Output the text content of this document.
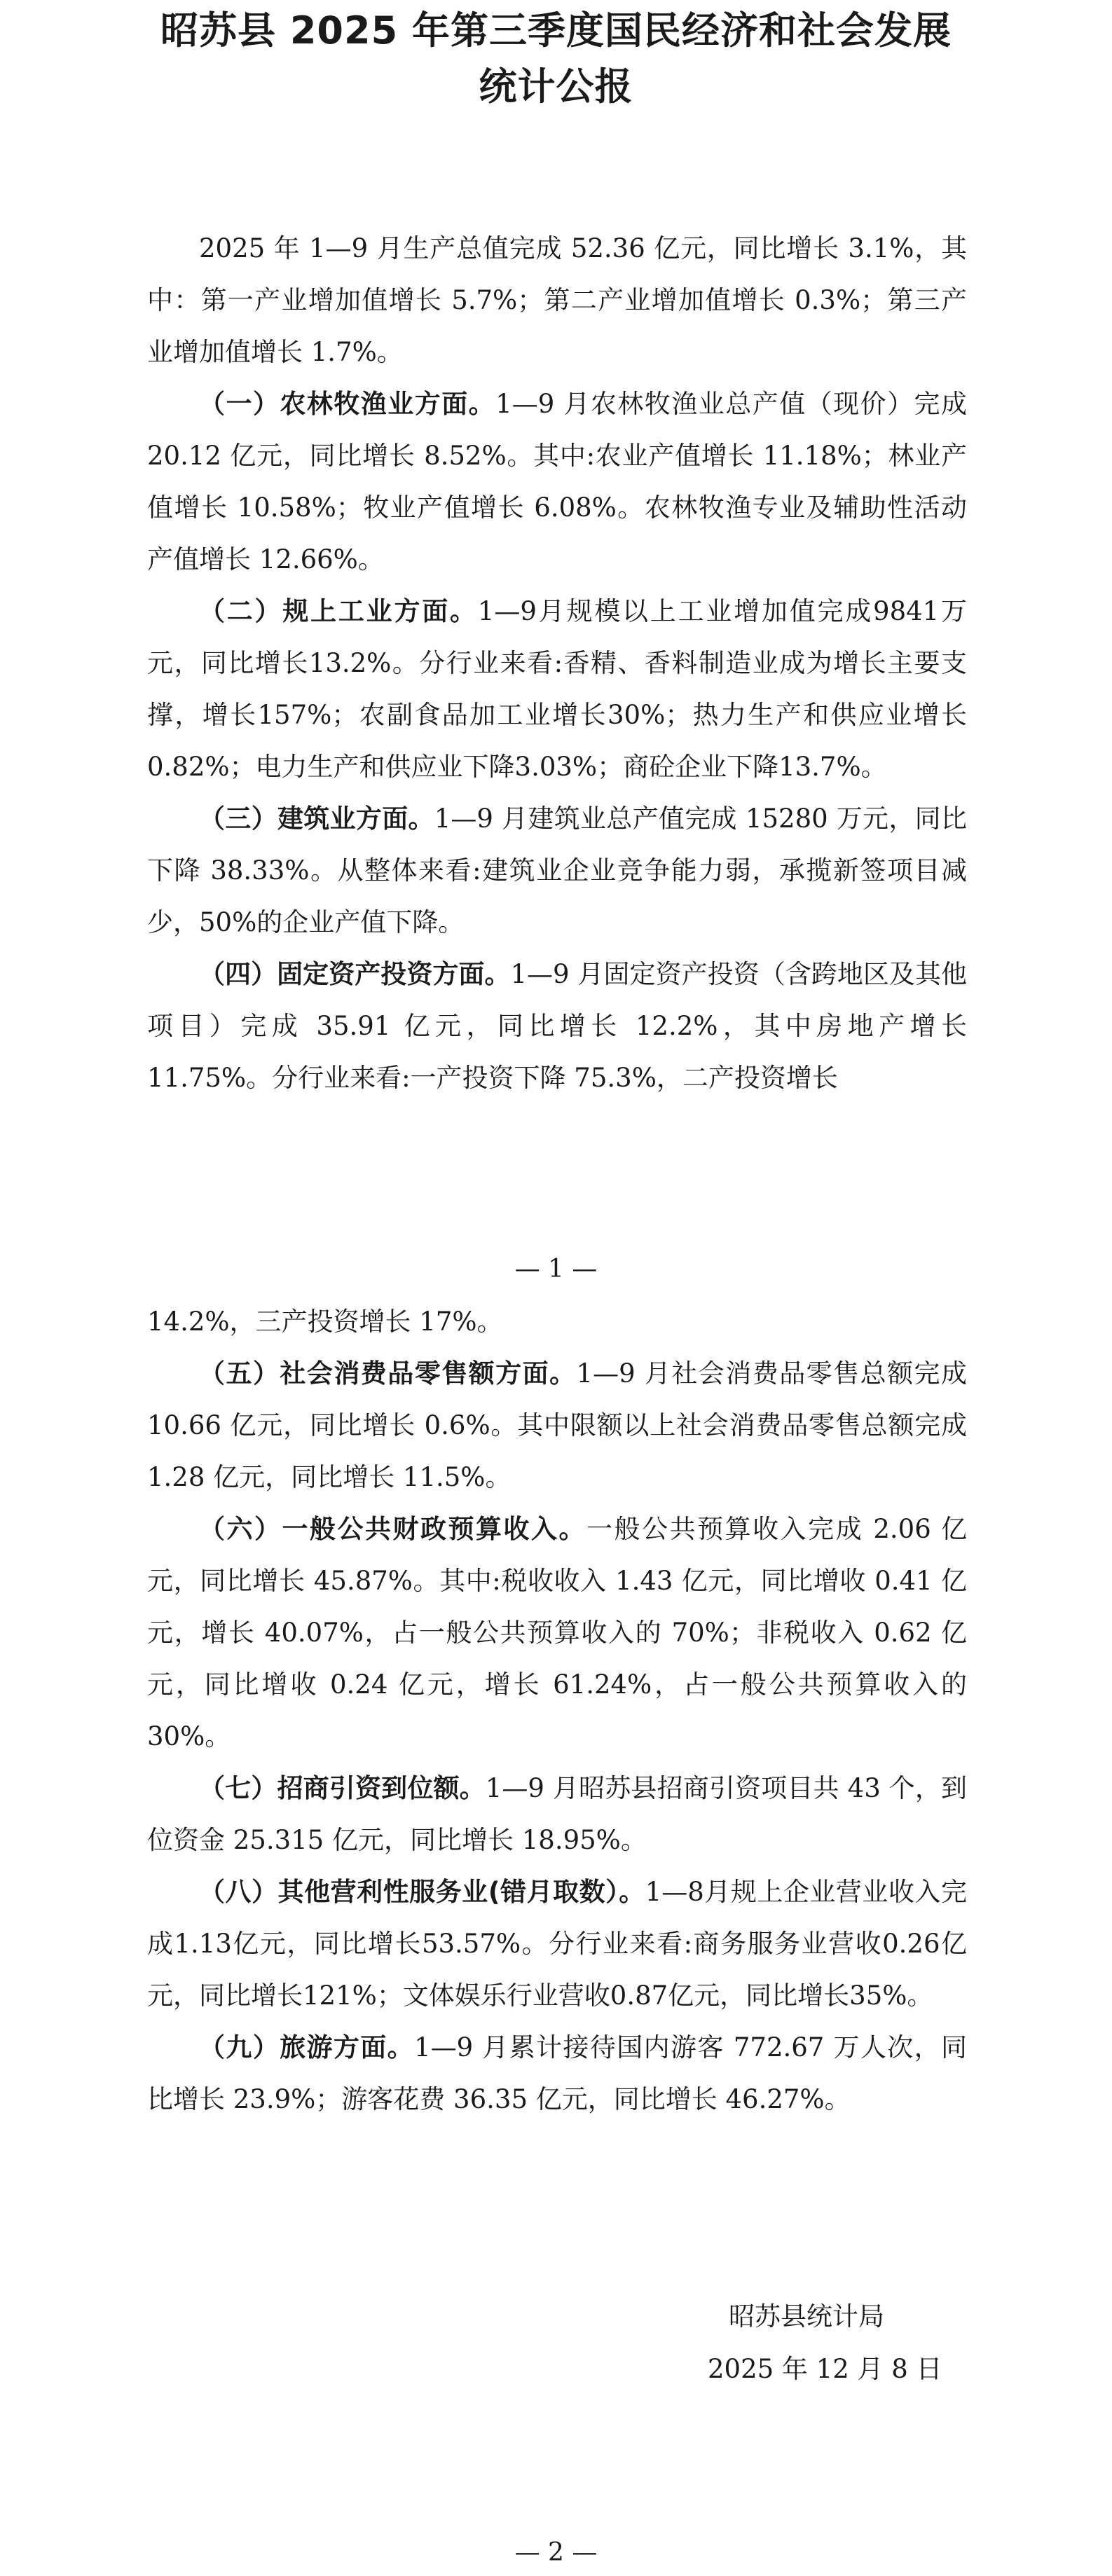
昭苏县 2025 年第三季度国民经济和社会发展
统计公报

2025 年 1—9 月生产总值完成 52.36 亿元，同比增长 3.1%，其中：第一产业增加值增长 5.7%；第二产业增加值增长 0.3%；第三产业增加值增长 1.7%。

（一）农林牧渔业方面。1—9 月农林牧渔业总产值（现价）完成 20.12 亿元，同比增长 8.52%。其中:农业产值增长 11.18%；林业产值增长 10.58%；牧业产值增长 6.08%。农林牧渔专业及辅助性活动产值增长 12.66%。

（二）规上工业方面。1—9月规模以上工业增加值完成9841万元，同比增长13.2%。分行业来看:香精、香料制造业成为增长主要支撑，增长157%；农副食品加工业增长30%；热力生产和供应业增长0.82%；电力生产和供应业下降3.03%；商砼企业下降13.7%。

（三）建筑业方面。1—9 月建筑业总产值完成 15280 万元，同比下降 38.33%。从整体来看:建筑业企业竞争能力弱，承揽新签项目减少，50%的企业产值下降。

（四）固定资产投资方面。1—9 月固定资产投资（含跨地区及其他项目）完成 35.91 亿元，同比增长 12.2%，其中房地产增长 11.75%。分行业来看:一产投资下降 75.3%，二产投资增长

— 1 —

14.2%，三产投资增长 17%。

（五）社会消费品零售额方面。1—9 月社会消费品零售总额完成 10.66 亿元，同比增长 0.6%。其中限额以上社会消费品零售总额完成 1.28 亿元，同比增长 11.5%。

（六）一般公共财政预算收入。一般公共预算收入完成 2.06 亿元，同比增长 45.87%。其中:税收收入 1.43 亿元，同比增收 0.41 亿元，增长 40.07%，占一般公共预算收入的 70%；非税收入 0.62 亿元，同比增收 0.24 亿元，增长 61.24%，占一般公共预算收入的 30%。

（七）招商引资到位额。1—9 月昭苏县招商引资项目共 43 个，到位资金 25.315 亿元，同比增长 18.95%。

（八）其他营利性服务业(错月取数）。1—8月规上企业营业收入完成1.13亿元，同比增长53.57%。分行业来看:商务服务业营收0.26亿元，同比增长121%；文体娱乐行业营收0.87亿元，同比增长35%。

（九）旅游方面。1—9 月累计接待国内游客 772.67 万人次，同比增长 23.9%；游客花费 36.35 亿元，同比增长 46.27%。

昭苏县统计局
2025 年 12 月 8 日
— 2 —
